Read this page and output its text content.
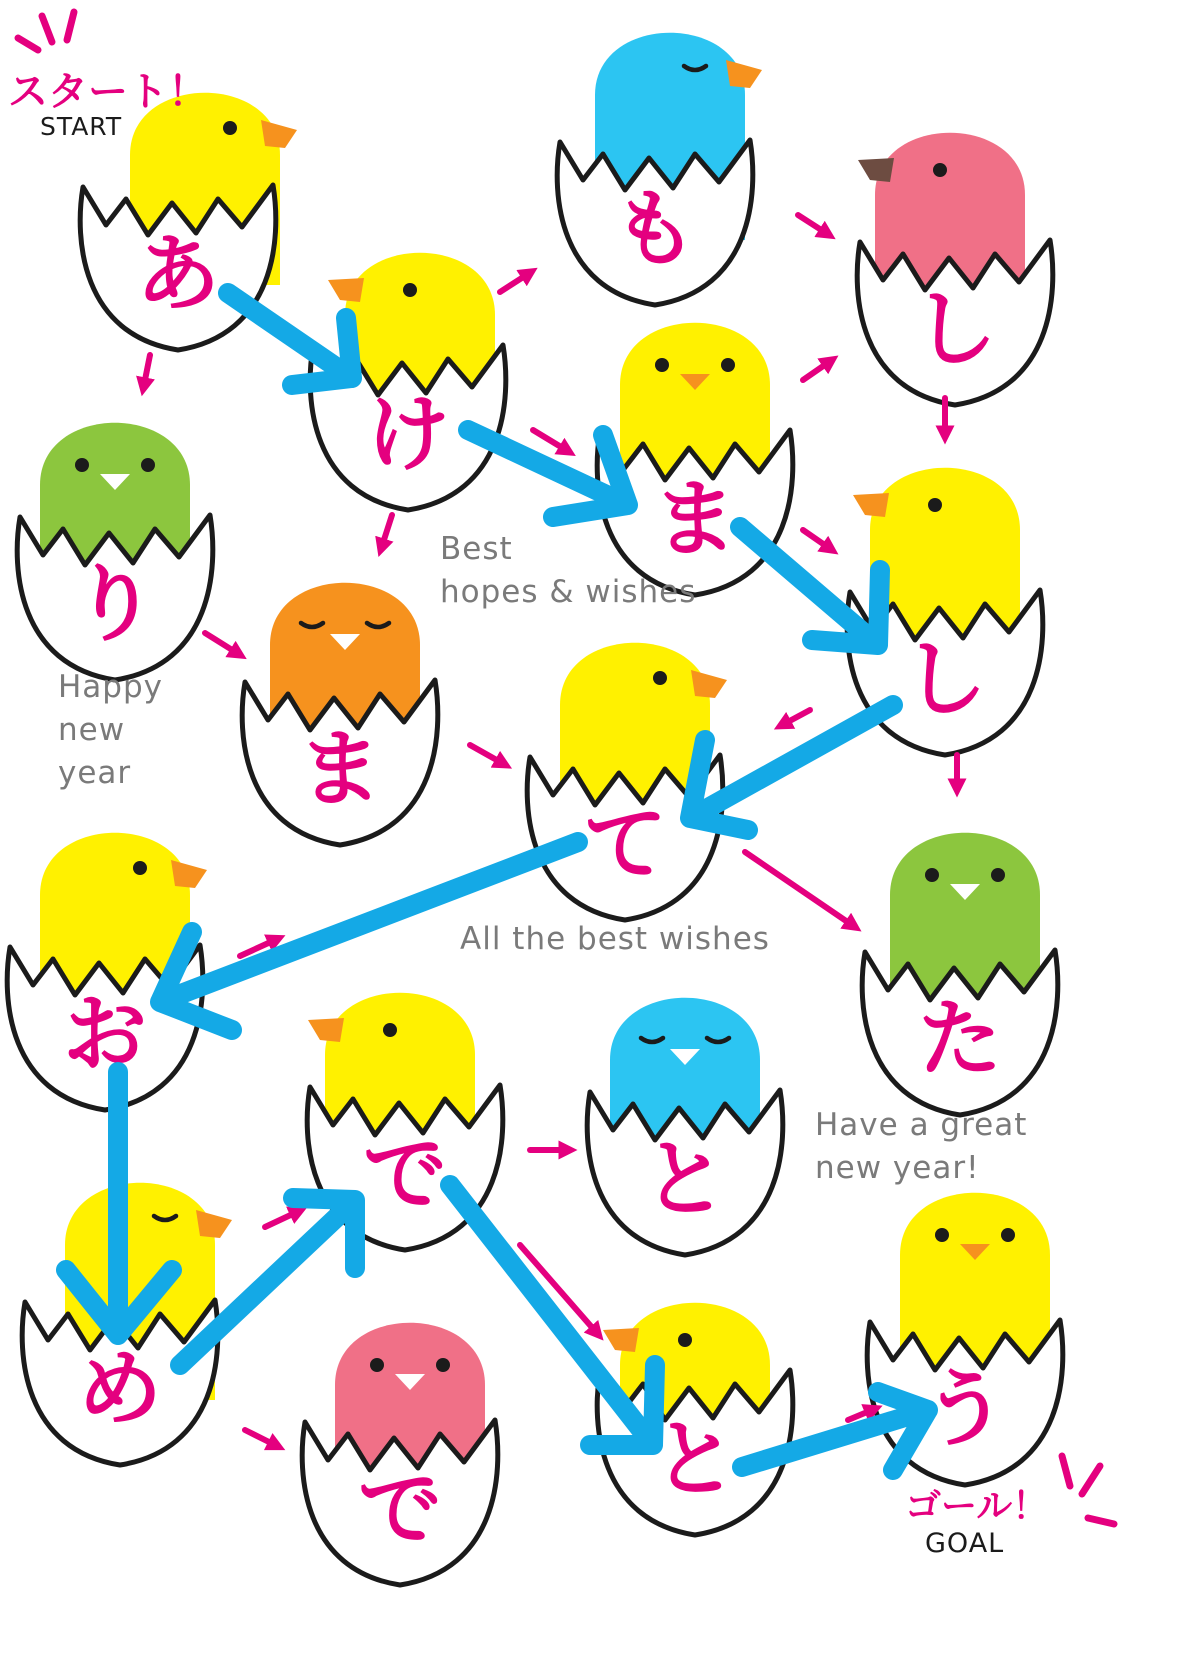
あ
け
も
し
ま
り
ま
し
て
た
お
で と
め
で
と
う
スタート！
START
ゴール！
GOAL
Best
hopes & wishes
Happy
new
year
All the best wishes
Have a great
new year!
